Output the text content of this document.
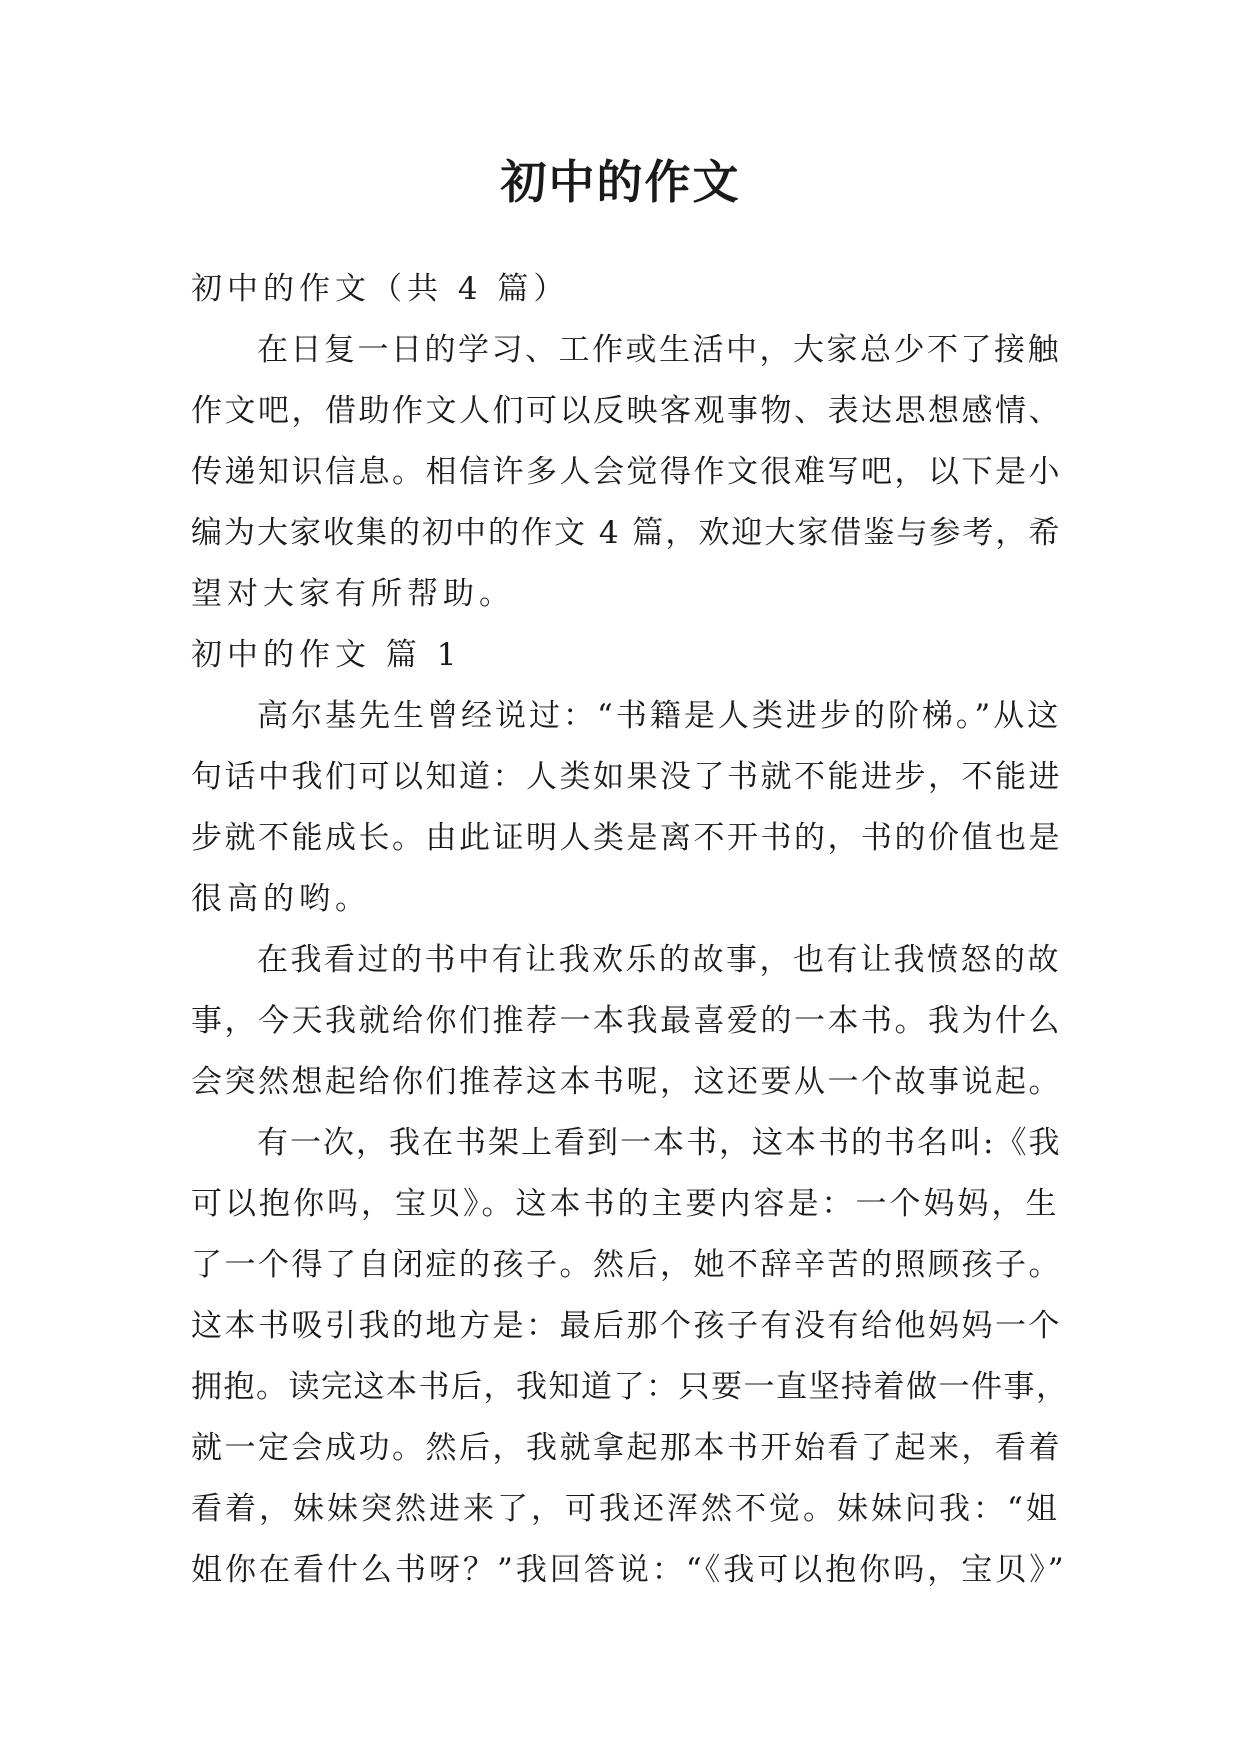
初中的作文
初中的作文（共 4 篇）
在日复一日的学习、工作或生活中，大家总少不了接触
作文吧，借助作文人们可以反映客观事物、表达思想感情、
传递知识信息。相信许多人会觉得作文很难写吧，以下是小
编为大家收集的初中的作文 4 篇，欢迎大家借鉴与参考，希
望对大家有所帮助。
初中的作文 篇 1
高尔基先生曾经说过：“书籍是人类进步的阶梯。”从这
句话中我们可以知道：人类如果没了书就不能进步，不能进
步就不能成长。由此证明人类是离不开书的，书的价值也是
很高的哟。
在我看过的书中有让我欢乐的故事，也有让我愤怒的故
事，今天我就给你们推荐一本我最喜爱的一本书。我为什么
会突然想起给你们推荐这本书呢，这还要从一个故事说起。
有一次，我在书架上看到一本书，这本书的书名叫:《我
可以抱你吗，宝贝》。这本书的主要内容是：一个妈妈，生
了一个得了自闭症的孩子。然后，她不辞辛苦的照顾孩子。
这本书吸引我的地方是：最后那个孩子有没有给他妈妈一个
拥抱。读完这本书后，我知道了：只要一直坚持着做一件事，
就一定会成功。然后，我就拿起那本书开始看了起来，看着
看着，妹妹突然进来了，可我还浑然不觉。妹妹问我：“姐
姐你在看什么书呀？”我回答说：“《我可以抱你吗，宝贝》”
